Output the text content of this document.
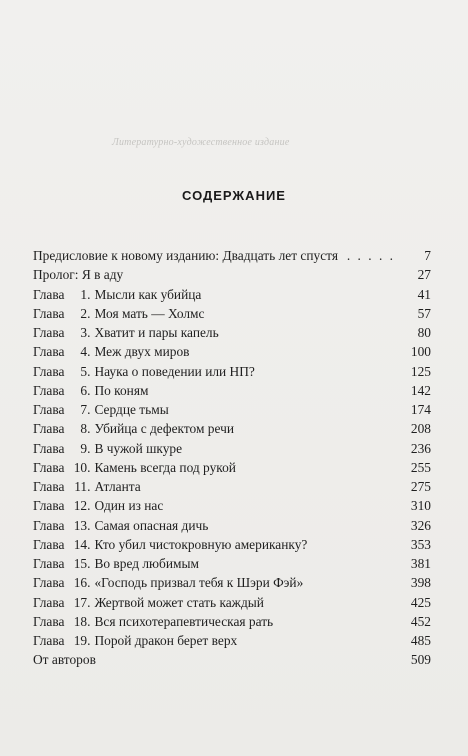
Литературно-художественное издание
СОДЕРЖАНИЕ
Предисловие к новому изданию: Двадцать лет спустя . . . . .	7
Пролог: Я в аду	27
Глава 1. Мысли как убийца	41
Глава 2. Моя мать — Холмс	57
Глава 3. Хватит и пары капель	80
Глава 4. Меж двух миров	100
Глава 5. Наука о поведении или НП?	125
Глава 6. По коням	142
Глава 7. Сердце тьмы	174
Глава 8. Убийца с дефектом речи	208
Глава 9. В чужой шкуре	236
Глава 10. Камень всегда под рукой	255
Глава 11. Атланта	275
Глава 12. Один из нас	310
Глава 13. Самая опасная дичь	326
Глава 14. Кто убил чистокровную американку?	353
Глава 15. Во вред любимым	381
Глава 16. «Господь призвал тебя к Шэри Фэй»	398
Глава 17. Жертвой может стать каждый	425
Глава 18. Вся психотерапевтическая рать	452
Глава 19. Порой дракон берет верх	485
От авторов	509
